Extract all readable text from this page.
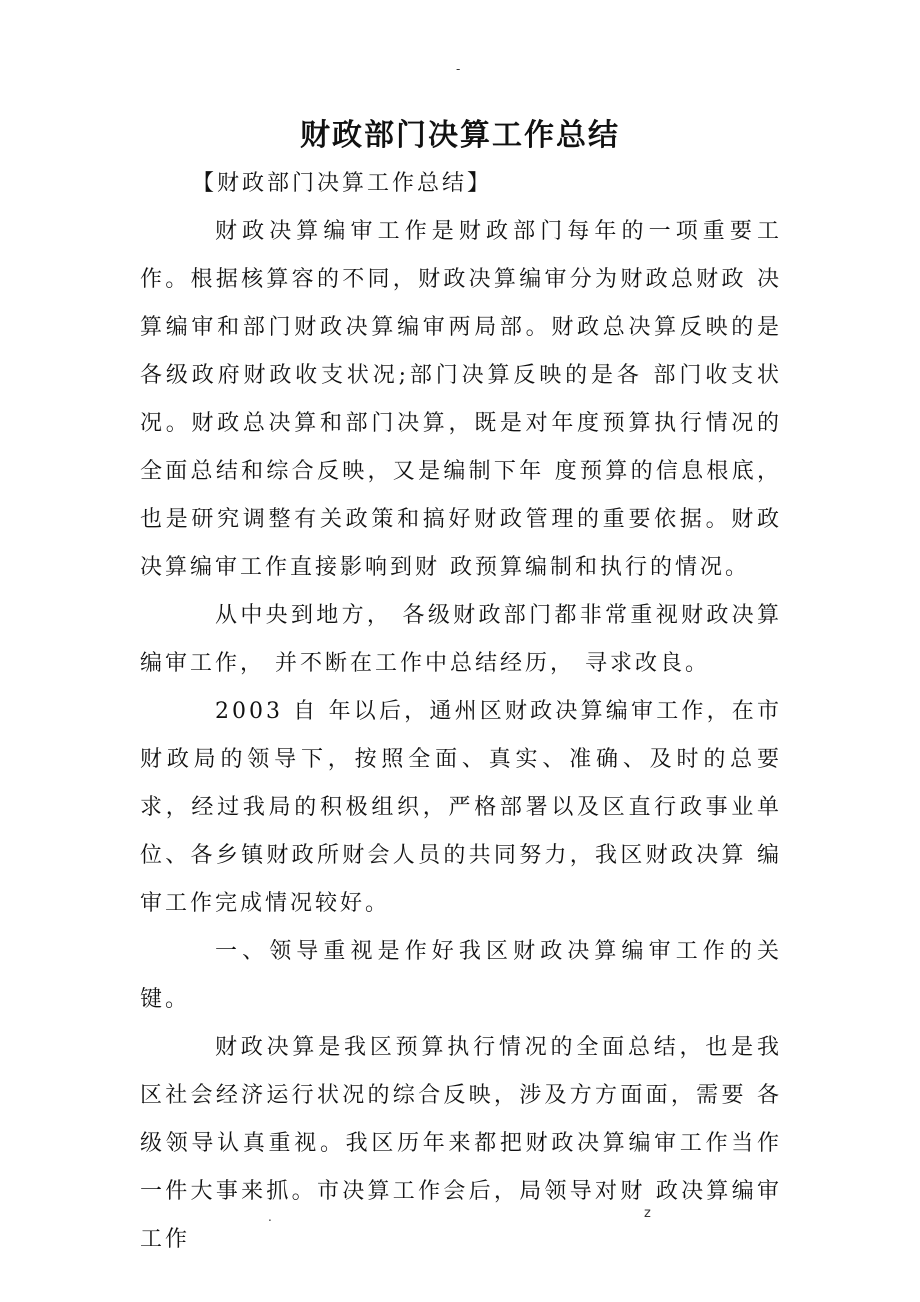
-
财政部门决算工作总结

【财政部门决算工作总结】

财政决算编审工作是财政部门每年的一项重要工作。根据核算容的不同，财政决算编审分为财政总财政 决算编审和部门财政决算编审两局部。财政总决算反映的是各级政府财政收支状况;部门决算反映的是各 部门收支状况。财政总决算和部门决算，既是对年度预算执行情况的全面总结和综合反映，又是编制下年 度预算的信息根底，也是研究调整有关政策和搞好财政管理的重要依据。财政决算编审工作直接影响到财 政预算编制和执行的情况。

从中央到地方， 各级财政部门都非常重视财政决算编审工作， 并不断在工作中总结经历， 寻求改良。

2003 自 年以后，通州区财政决算编审工作，在市财政局的领导下，按照全面、真实、准确、及时的总要求，经过我局的积极组织，严格部署以及区直行政事业单位、各乡镇财政所财会人员的共同努力，我区财政决算 编审工作完成情况较好。

一、领导重视是作好我区财政决算编审工作的关键。

财政决算是我区预算执行情况的全面总结，也是我区社会经济运行状况的综合反映，涉及方方面面，需要 各级领导认真重视。我区历年来都把财政决算编审工作当作一件大事来抓。市决算工作会后，局领导对财 政决算编审工作

.	z
